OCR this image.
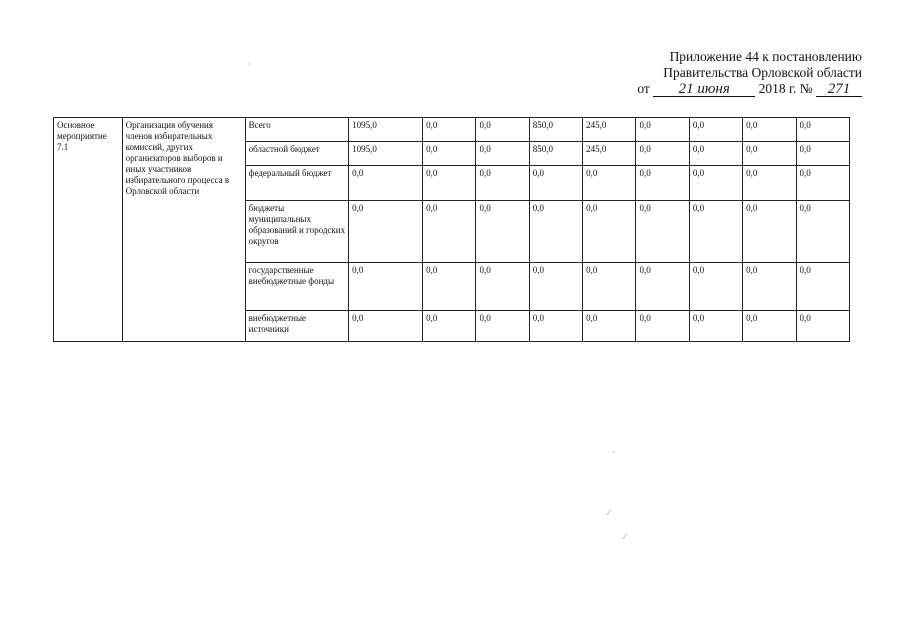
Приложение 44 к постановлению
Правительства Орловской области
от 21 июня 2018 г. № 271
Основное мероприятие 7.1	Организация обучения членов избирательных комиссий, других организаторов выборов и иных участников избирательного процесса в Орловской области	Всего	1095,0	0,0	0,0	850,0	245,0	0,0	0,0	0,0	0,0
		областной бюджет	1095,0	0,0	0,0	850,0	245,0	0,0	0,0	0,0	0,0
		федеральный бюджет	0,0	0,0	0,0	0,0	0,0	0,0	0,0	0,0	0,0
		бюджеты муниципальных образований и городских округов	0,0	0,0	0,0	0,0	0,0	0,0	0,0	0,0	0,0
		государственные внебюджетные фонды	0,0	0,0	0,0	0,0	0,0	0,0	0,0	0,0	0,0
		внебюджетные источники	0,0	0,0	0,0	0,0	0,0	0,0	0,0	0,0	0,0
·
·
⁄
⁄
